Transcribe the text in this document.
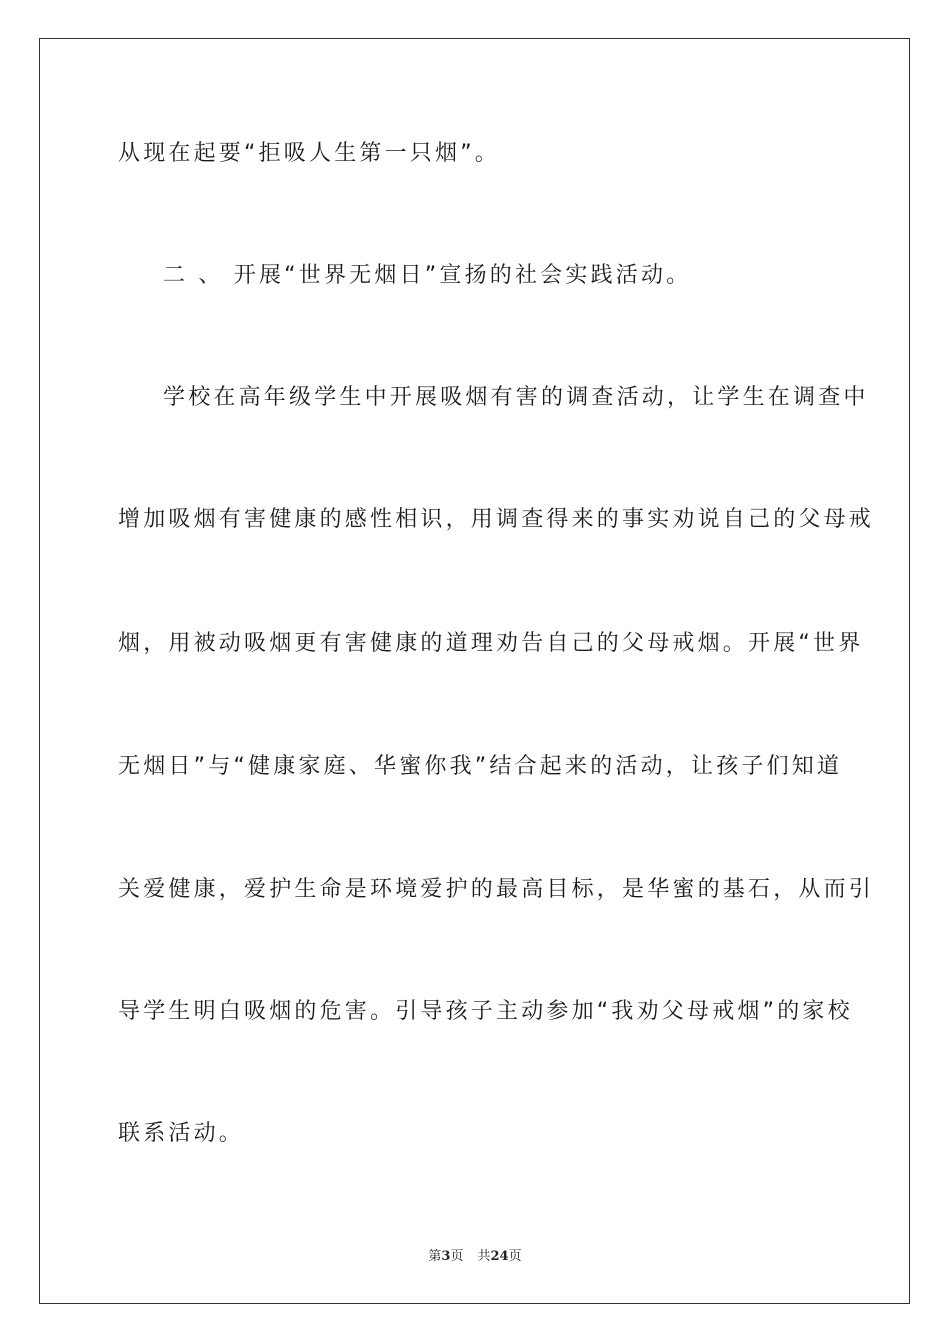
从现在起要“拒吸人生第一只烟”。
二 、 开展“世界无烟日”宣扬的社会实践活动。
学校在高年级学生中开展吸烟有害的调查活动，让学生在调查中
增加吸烟有害健康的感性相识，用调查得来的事实劝说自己的父母戒
烟，用被动吸烟更有害健康的道理劝告自己的父母戒烟。开展“世界
无烟日”与“健康家庭、华蜜你我”结合起来的活动，让孩子们知道
关爱健康，爱护生命是环境爱护的最高目标，是华蜜的基石，从而引
导学生明白吸烟的危害。引导孩子主动参加“我劝父母戒烟”的家校
联系活动。
第3页 共24页
